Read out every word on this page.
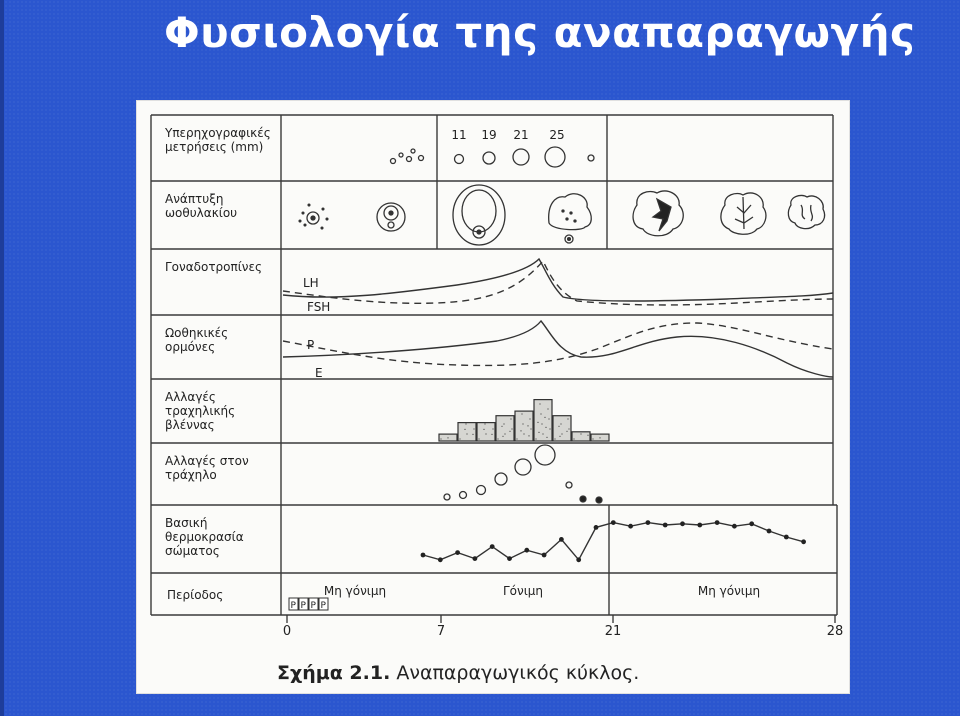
Φυσιολογία της αναπαραγωγής
Υπερηχογραφικές
μετρήσεις (mm)
Ανάπτυξη
ωοθυλακίου
Γοναδοτροπίνες
Ωοθηκικές
ορμόνες
Αλλαγές
τραχηλικής
βλέννας
Αλλαγές στον
τράχηλο
Βασική
θερμοκρασία
σώματος
11 19 21 25
LH
FSH
P
E
Περίοδος
P P P P
Μη γόνιμη	Γόνιμη	Μη γόνιμη
0	7	21	28
Σχήμα 2.1. Αναπαραγωγικός κύκλος.
